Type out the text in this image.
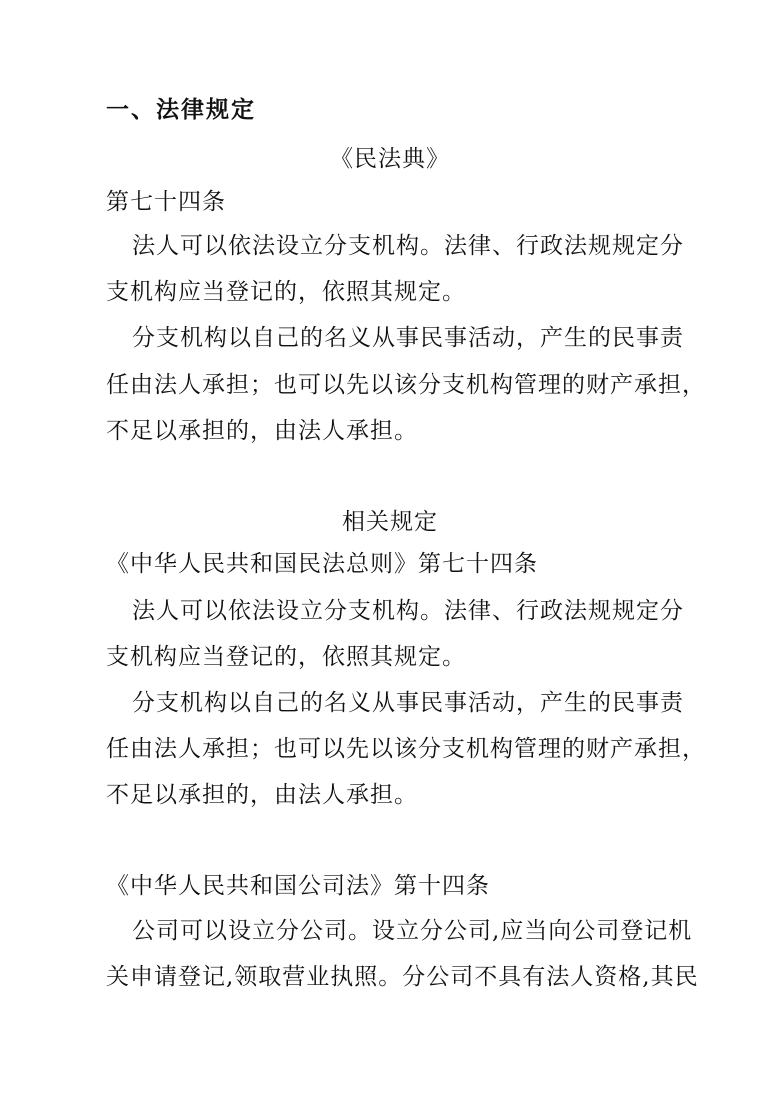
一、法律规定
《民法典》
第七十四条
法人可以依法设立分支机构。法律、行政法规规定分
支机构应当登记的，依照其规定。
分支机构以自己的名义从事民事活动，产生的民事责
任由法人承担；也可以先以该分支机构管理的财产承担，
不足以承担的，由法人承担。
相关规定
《中华人民共和国民法总则》第七十四条
法人可以依法设立分支机构。法律、行政法规规定分
支机构应当登记的，依照其规定。
分支机构以自己的名义从事民事活动，产生的民事责
任由法人承担；也可以先以该分支机构管理的财产承担，
不足以承担的，由法人承担。
《中华人民共和国公司法》第十四条
公司可以设立分公司。设立分公司,应当向公司登记机
关申请登记,领取营业执照。分公司不具有法人资格,其民
